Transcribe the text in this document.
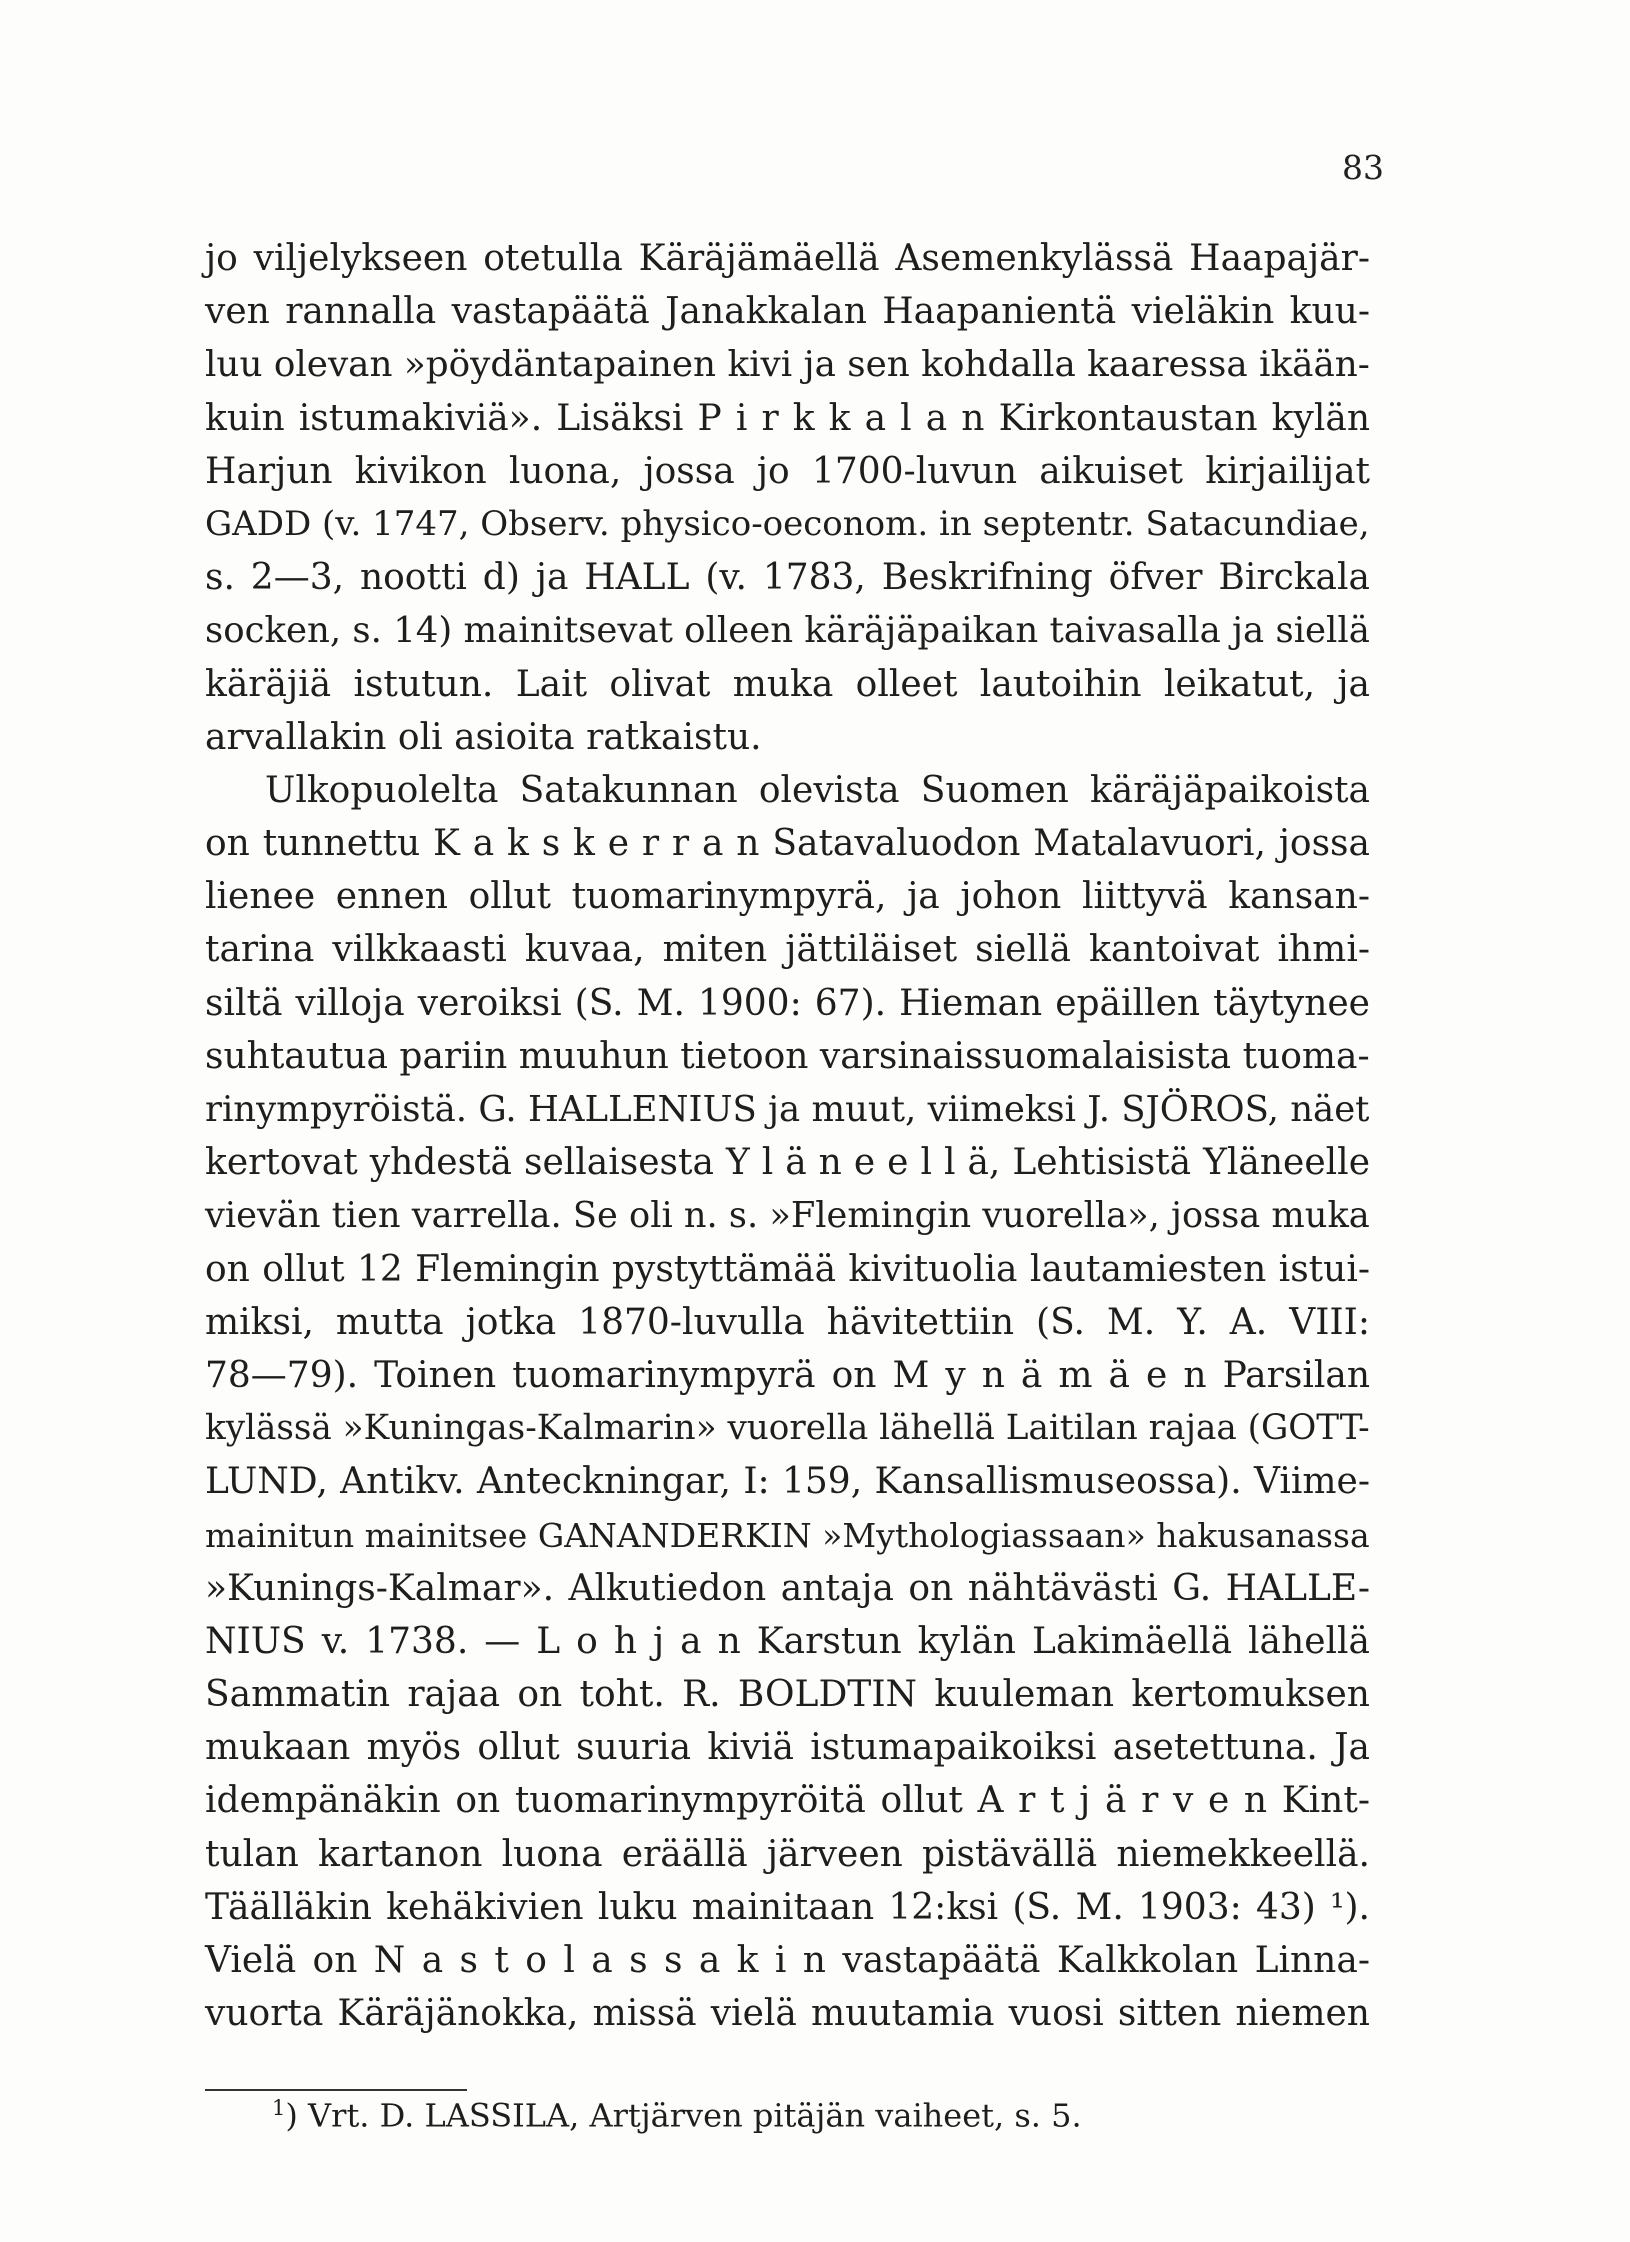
83
jo viljelykseen otetulla Käräjämäellä Asemenkylässä Haapajär-
ven rannalla vastapäätä Janakkalan Haapanientä vieläkin kuu-
luu olevan »pöydäntapainen kivi ja sen kohdalla kaaressa ikään-
kuin istumakiviä». Lisäksi P i r k k a l a n Kirkontaustan kylän
Harjun kivikon luona, jossa jo 1700-luvun aikuiset kirjailijat
GADD (v. 1747, Observ. physico-oeconom. in septentr. Satacundiae,
s. 2—3, nootti d) ja HALL (v. 1783, Beskrifning öfver Birckala
socken, s. 14) mainitsevat olleen käräjäpaikan taivasalla ja siellä
käräjiä istutun. Lait olivat muka olleet lautoihin leikatut, ja
arvallakin oli asioita ratkaistu.
Ulkopuolelta Satakunnan olevista Suomen käräjäpaikoista
on tunnettu K a k s k e r r a n Satavaluodon Matalavuori, jossa
lienee ennen ollut tuomarinympyrä, ja johon liittyvä kansan-
tarina vilkkaasti kuvaa, miten jättiläiset siellä kantoivat ihmi-
siltä villoja veroiksi (S. M. 1900: 67). Hieman epäillen täytynee
suhtautua pariin muuhun tietoon varsinaissuomalaisista tuoma-
rinympyröistä. G. HALLENIUS ja muut, viimeksi J. SJÖROS, näet
kertovat yhdestä sellaisesta Y l ä n e e l l ä, Lehtisistä Yläneelle
vievän tien varrella. Se oli n. s. »Flemingin vuorella», jossa muka
on ollut 12 Flemingin pystyttämää kivituolia lautamiesten istui-
miksi, mutta jotka 1870-luvulla hävitettiin (S. M. Y. A. VIII:
78—79). Toinen tuomarinympyrä on M y n ä m ä e n Parsilan
kylässä »Kuningas-Kalmarin» vuorella lähellä Laitilan rajaa (GOTT-
LUND, Antikv. Anteckningar, I: 159, Kansallismuseossa). Viime-
mainitun mainitsee GANANDERKIN »Mythologiassaan» hakusanassa
»Kunings-Kalmar». Alkutiedon antaja on nähtävästi G. HALLE-
NIUS v. 1738. — L o h j a n Karstun kylän Lakimäellä lähellä
Sammatin rajaa on toht. R. BOLDTIN kuuleman kertomuksen
mukaan myös ollut suuria kiviä istumapaikoiksi asetettuna. Ja
idempänäkin on tuomarinympyröitä ollut A r t j ä r v e n Kint-
tulan kartanon luona eräällä järveen pistävällä niemekkeellä.
Täälläkin kehäkivien luku mainitaan 12:ksi (S. M. 1903: 43) ¹).
Vielä on N a s t o l a s s a k i n vastapäätä Kalkkolan Linna-
vuorta Käräjänokka, missä vielä muutamia vuosi sitten niemen
$^1$) Vrt. D. LASSILA, Artjärven pitäjän vaiheet, s. 5.
